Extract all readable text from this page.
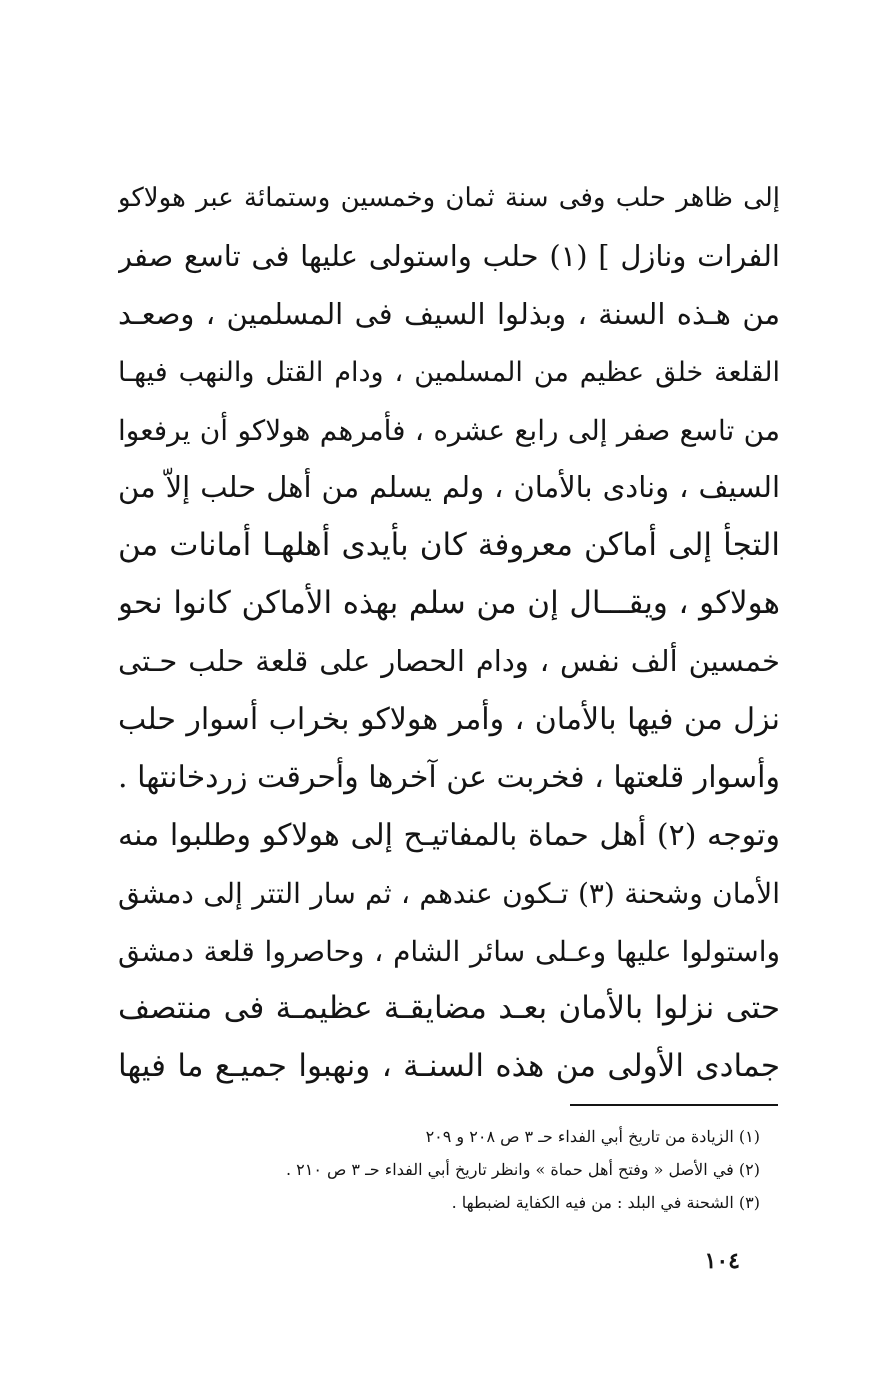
إلى ظاهر حلب وفى سنة ثمان وخمسين وستمائة عبر هولاكو
الفرات ونازل ] (١) حلب واستولى عليها فى تاسع صفر
من هـذه السنة ، وبذلوا السيف فى المسلمين ، وصعـد
القلعة خلق عظيم من المسلمين ، ودام القتل والنهب فيهـا
من تاسع صفر إلى رابع عشره ، فأمرهم هولاكو أن يرفعوا
السيف ، ونادى بالأمان ، ولم يسلم من أهل حلب إلاّ من
التجأ إلى أماكن معروفة كان بأيدى أهلهـا أمانات من
هولاكو ، ويقـــال إن من سلم بهذه الأماكن كانوا نحو
خمسين ألف نفس ، ودام الحصار على قلعة حلب حـتى
نزل من فيها بالأمان ، وأمر هولاكو بخراب أسوار حلب
وأسوار قلعتها ، فخربت عن آخرها وأحرقت زردخانتها .
وتوجه (٢) أهل حماة بالمفاتيـح إلى هولاكو وطلبوا منه
الأمان وشحنة (٣) تـكون عندهم ، ثم سار التتر إلى دمشق
واستولوا عليها وعـلى سائر الشام ، وحاصروا قلعة دمشق
حتى نزلوا بالأمان بعـد مضايقـة عظيمـة فى منتصف
جمادى الأولى من هذه السنـة ، ونهبوا جميـع ما فيها
(١) الزيادة من تاريخ أبي الفداء حـ ٣ ص ٢٠٨ و ٢٠٩
(٢) في الأصل « وفتح أهل حماة » وانظر تاريخ أبي الفداء حـ ٣ ص ٢١٠ .
(٣) الشحنة في البلد : من فيه الكفاية لضبطها .
١٠٤
